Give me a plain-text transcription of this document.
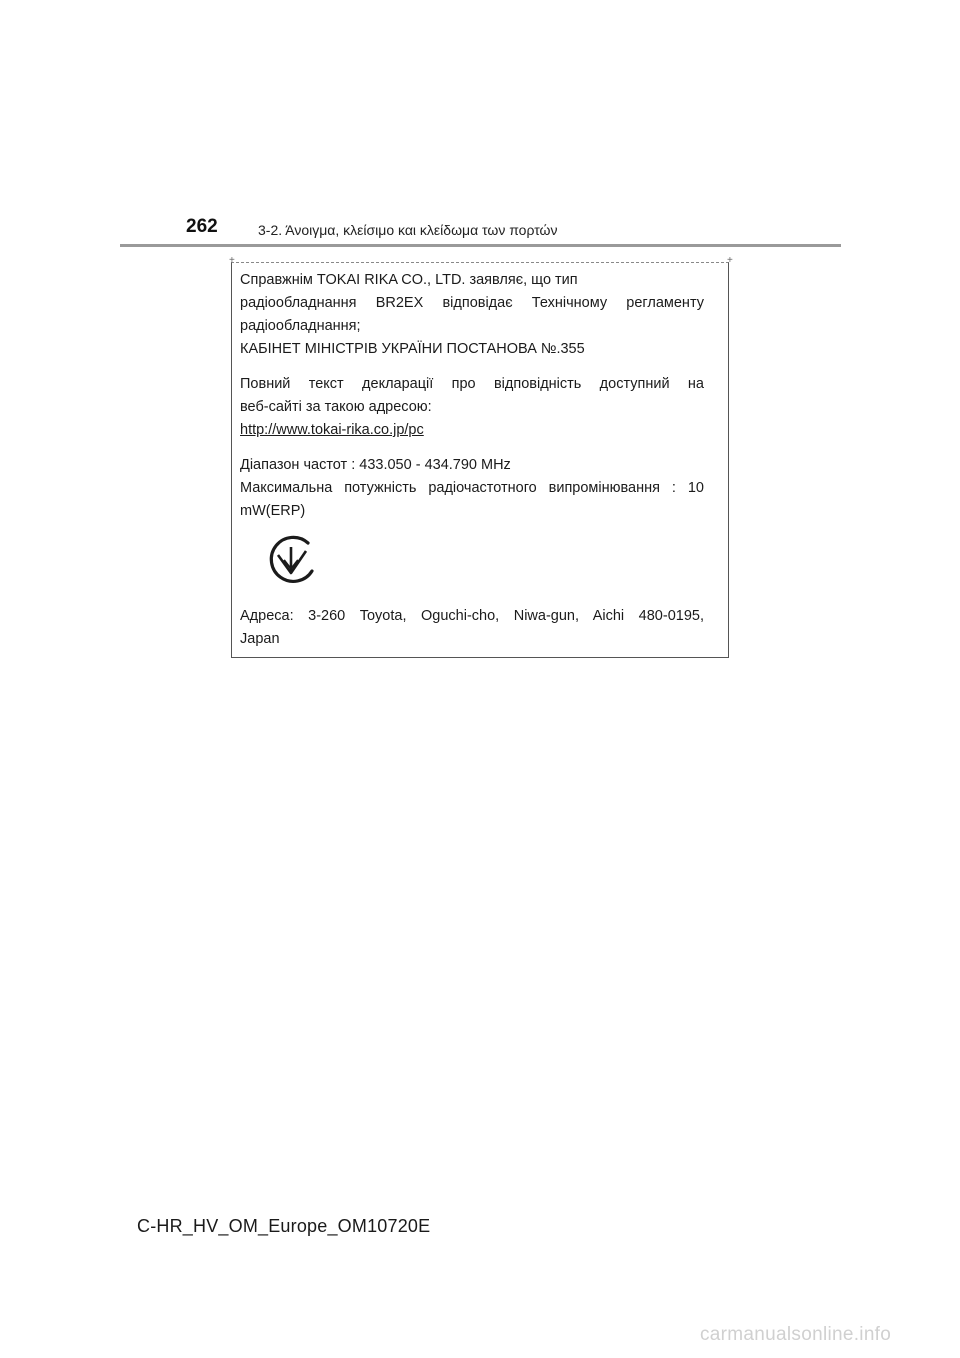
262	3-2. Άνοιγμα, κλείσιμο και κλείδωμα των πορτών
+	+

Справжнім TOKAI RIKA CO., LTD. заявляє, що тип

радіообладнання BR2EX відповідає Технічному регламенту

радіообладнання;

КАБІНЕТ МІНІСТРІВ УКРАЇНИ ПОСТАНОВА №.355

Повний текст декларації про відповідність доступний на

веб-сайті за такою адресою:

http://www.tokai-rika.co.jp/pc

Діапазон частот : 433.050 - 434.790 MHz

Максимальна потужність радіочастотного випромінювання : 10

mW(ERP)

Адреса: 3-260 Toyota, Oguchi-cho, Niwa-gun, Aichi 480-0195,

Japan

C-HR_HV_OM_Europe_OM10720E
carmanualsonline.info
